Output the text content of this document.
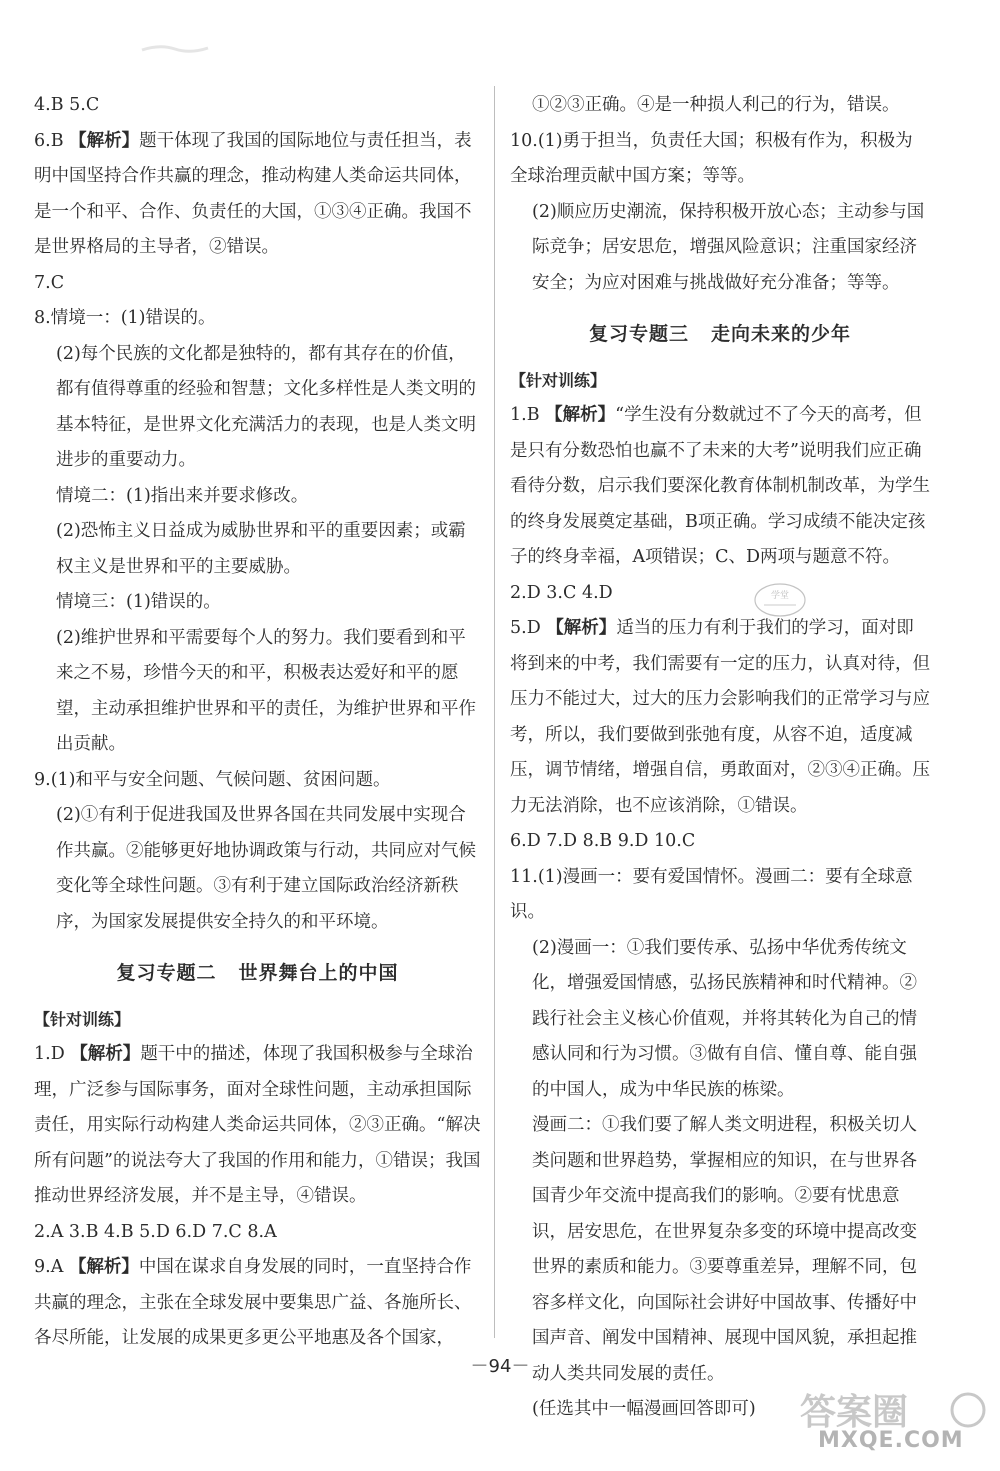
4.B 5.C

6.B 【解析】题干体现了我国的国际地位与责任担当，表明中国坚持合作共赢的理念，推动构建人类命运共同体，是一个和平、合作、负责任的大国，①③④正确。我国不是世界格局的主导者，②错误。

7.C

8.情境一：(1)错误的。

(2)每个民族的文化都是独特的，都有其存在的价值，都有值得尊重的经验和智慧；文化多样性是人类文明的基本特征，是世界文化充满活力的表现，也是人类文明进步的重要动力。

情境二：(1)指出来并要求修改。

(2)恐怖主义日益成为威胁世界和平的重要因素；或霸权主义是世界和平的主要威胁。

情境三：(1)错误的。

(2)维护世界和平需要每个人的努力。我们要看到和平来之不易，珍惜今天的和平，积极表达爱好和平的愿望，主动承担维护世界和平的责任，为维护世界和平作出贡献。

9.(1)和平与安全问题、气候问题、贫困问题。

(2)①有利于促进我国及世界各国在共同发展中实现合作共赢。②能够更好地协调政策与行动，共同应对气候变化等全球性问题。③有利于建立国际政治经济新秩序，为国家发展提供安全持久的和平环境。

复习专题二 世界舞台上的中国

【针对训练】

1.D 【解析】题干中的描述，体现了我国积极参与全球治理，广泛参与国际事务，面对全球性问题，主动承担国际责任，用实际行动构建人类命运共同体，②③正确。“解决所有问题”的说法夸大了我国的作用和能力，①错误；我国推动世界经济发展，并不是主导，④错误。

2.A 3.B 4.B 5.D 6.D 7.C 8.A

9.A 【解析】中国在谋求自身发展的同时，一直坚持合作共赢的理念，主张在全球发展中要集思广益、各施所长、各尽所能，让发展的成果更多更公平地惠及各个国家，

①②③正确。④是一种损人利己的行为，错误。

10.(1)勇于担当，负责任大国；积极有作为，积极为全球治理贡献中国方案；等等。

(2)顺应历史潮流，保持积极开放心态；主动参与国际竞争；居安思危，增强风险意识；注重国家经济安全；为应对困难与挑战做好充分准备；等等。

复习专题三 走向未来的少年

【针对训练】

1.B 【解析】“学生没有分数就过不了今天的高考，但是只有分数恐怕也赢不了未来的大考”说明我们应正确看待分数，启示我们要深化教育体制机制改革，为学生的终身发展奠定基础，B项正确。学习成绩不能决定孩子的终身幸福，A项错误；C、D两项与题意不符。

2.D 3.C 4.D

5.D 【解析】适当的压力有利于我们的学习，面对即将到来的中考，我们需要有一定的压力，认真对待，但压力不能过大，过大的压力会影响我们的正常学习与应考，所以，我们要做到张弛有度，从容不迫，适度减压，调节情绪，增强自信，勇敢面对，②③④正确。压力无法消除，也不应该消除，①错误。

6.D 7.D 8.B 9.D 10.C

11.(1)漫画一：要有爱国情怀。漫画二：要有全球意识。

(2)漫画一：①我们要传承、弘扬中华优秀传统文化，增强爱国情感，弘扬民族精神和时代精神。②践行社会主义核心价值观，并将其转化为自己的情感认同和行为习惯。③做有自信、懂自尊、能自强的中国人，成为中华民族的栋梁。

漫画二：①我们要了解人类文明进程，积极关切人类问题和世界趋势，掌握相应的知识，在与世界各国青少年交流中提高我们的影响。②要有忧患意识，居安思危，在世界复杂多变的环境中提高改变世界的素质和能力。③要尊重差异，理解不同，包容多样文化，向国际社会讲好中国故事、传播好中国声音、阐发中国精神、展现中国风貌，承担起推动人类共同发展的责任。

(任选其中一幅漫画回答即可)

学堂
－94－
答案圈
MXQE.COM
